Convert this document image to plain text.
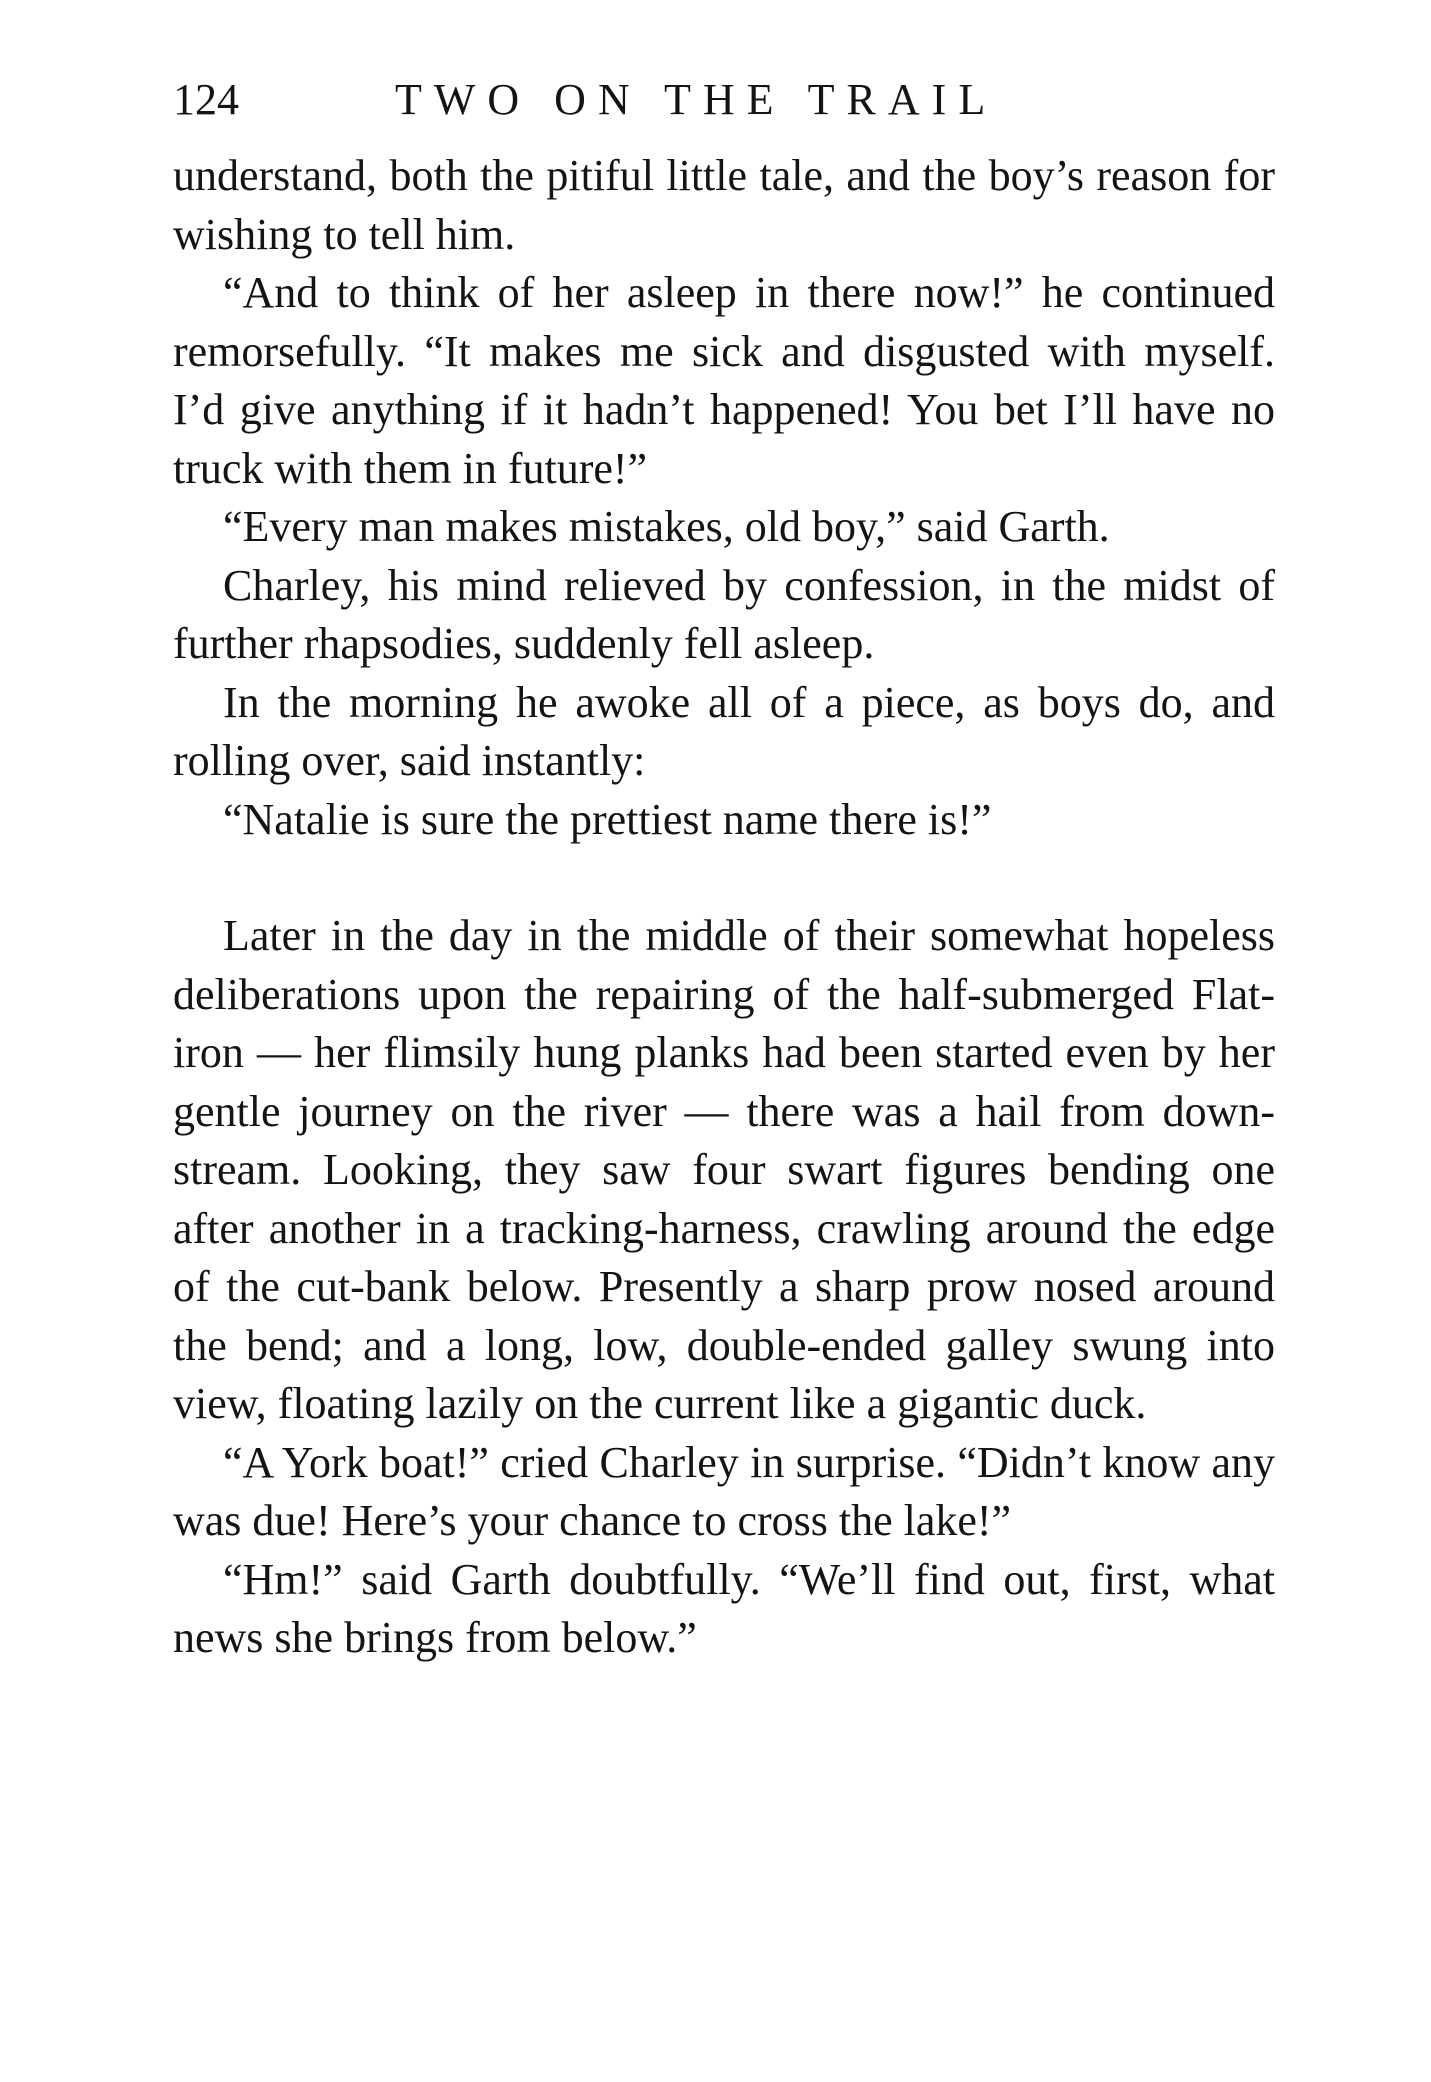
124	TWO ON THE TRAIL

understand, both the pitiful little tale, and the boy’s reason for wishing to tell him.

“And to think of her asleep in there now!” he continued remorsefully. “It makes me sick and disgusted with myself. I’d give anything if it hadn’t happened! You bet I’ll have no truck with them in future!”

“Every man makes mistakes, old boy,” said Garth.

Charley, his mind relieved by confession, in the midst of further rhapsodies, suddenly fell asleep.

In the morning he awoke all of a piece, as boys do, and rolling over, said instantly:

“Natalie is sure the prettiest name there is!”

Later in the day in the middle of their somewhat hopeless deliberations upon the repairing of the half-submerged Flat-iron — her flimsily hung planks had been started even by her gentle journey on the river — there was a hail from down-stream. Looking, they saw four swart figures bending one after another in a tracking-harness, crawling around the edge of the cut-bank below. Presently a sharp prow nosed around the bend; and a long, low, double-ended galley swung into view, floating lazily on the current like a gigantic duck.

“A York boat!” cried Charley in surprise. “Didn’t know any was due! Here’s your chance to cross the lake!”

“Hm!” said Garth doubtfully. “We’ll find out, first, what news she brings from below.”
